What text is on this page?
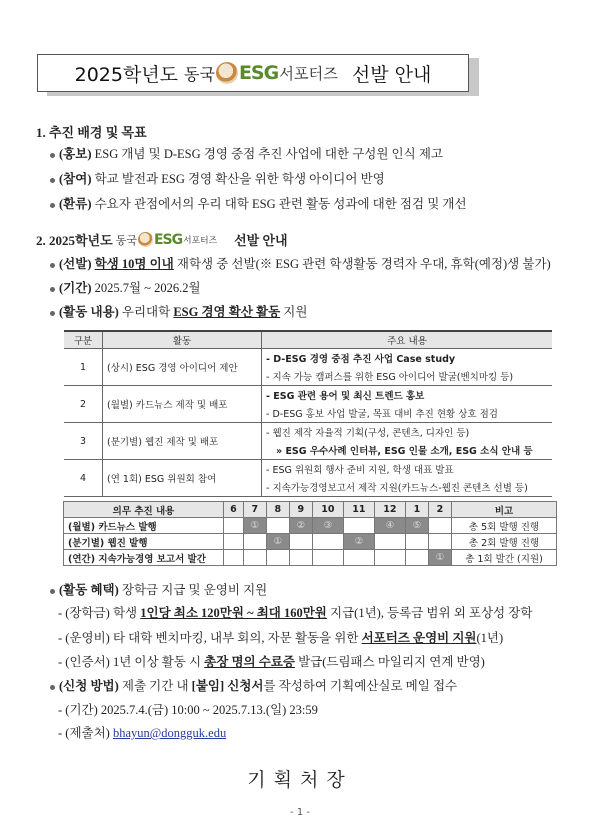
2025학년도 동국 ESG 서포터즈 선발 안내
1. 추진 배경 및 목표
(홍보) ESG 개념 및 D-ESG 경영 중점 추진 사업에 대한 구성원 인식 제고
(참여) 학교 발전과 ESG 경영 확산을 위한 학생 아이디어 반영
(환류) 수요자 관점에서의 우리 대학 ESG 관련 활동 성과에 대한 점검 및 개선
2. 2025학년도 동국 ESG 서포터즈 선발 안내
(선발) 학생 10명 이내 재학생 중 선발(※ ESG 관련 학생활동 경력자 우대, 휴학(예정)생 불가)
(기간) 2025.7월 ~ 2026.2월
(활동 내용) 우리대학 ESG 경영 확산 활동 지원
구분	활동	주요 내용
1	(상시) ESG 경영 아이디어 제안	- D-ESG 경영 중점 추진 사업 Case study
		- 지속 가능 캠퍼스를 위한 ESG 아이디어 발굴(벤치마킹 등)
2	(월별) 카드뉴스 제작 및 배포	- ESG 관련 용어 및 최신 트렌드 홍보
		- D-ESG 홍보 사업 발굴, 목표 대비 추진 현황 상호 점검
3	(분기별) 웹진 제작 및 배포	- 웹진 제작 자율적 기획(구성, 콘텐츠, 디자인 등)
		» ESG 우수사례 인터뷰, ESG 인물 소개, ESG 소식 안내 등
4	(연 1회) ESG 위원회 참여	- ESG 위원회 행사 준비 지원, 학생 대표 발표
		- 지속가능경영보고서 제작 지원(카드뉴스-웹진 콘텐츠 선별 등)
의무 추진 내용	6	7	8	9	10	11	12	1	2	비고
(월별) 카드뉴스 발행		①		②	③		④	⑤		총 5회 발행 진행
(분기별) 웹진 발행			①			②				총 2회 발행 진행
(연간) 지속가능경영 보고서 발간									①	총 1회 발간 (지원)
(활동 혜택) 장학금 지급 및 운영비 지원
- (장학금) 학생 1인당 최소 120만원 ~ 최대 160만원 지급(1년), 등록금 범위 외 포상성 장학
- (운영비) 타 대학 벤치마킹, 내부 회의, 자문 활동을 위한 서포터즈 운영비 지원(1년)
- (인증서) 1년 이상 활동 시 총장 명의 수료증 발급(드림패스 마일리지 연계 반영)
(신청 방법) 제출 기간 내 [붙임] 신청서를 작성하여 기획예산실로 메일 접수
- (기간) 2025.7.4.(금) 10:00 ~ 2025.7.13.(일) 23:59
- (제출처) bhayun@dongguk.edu
기획처장
- 1 -
